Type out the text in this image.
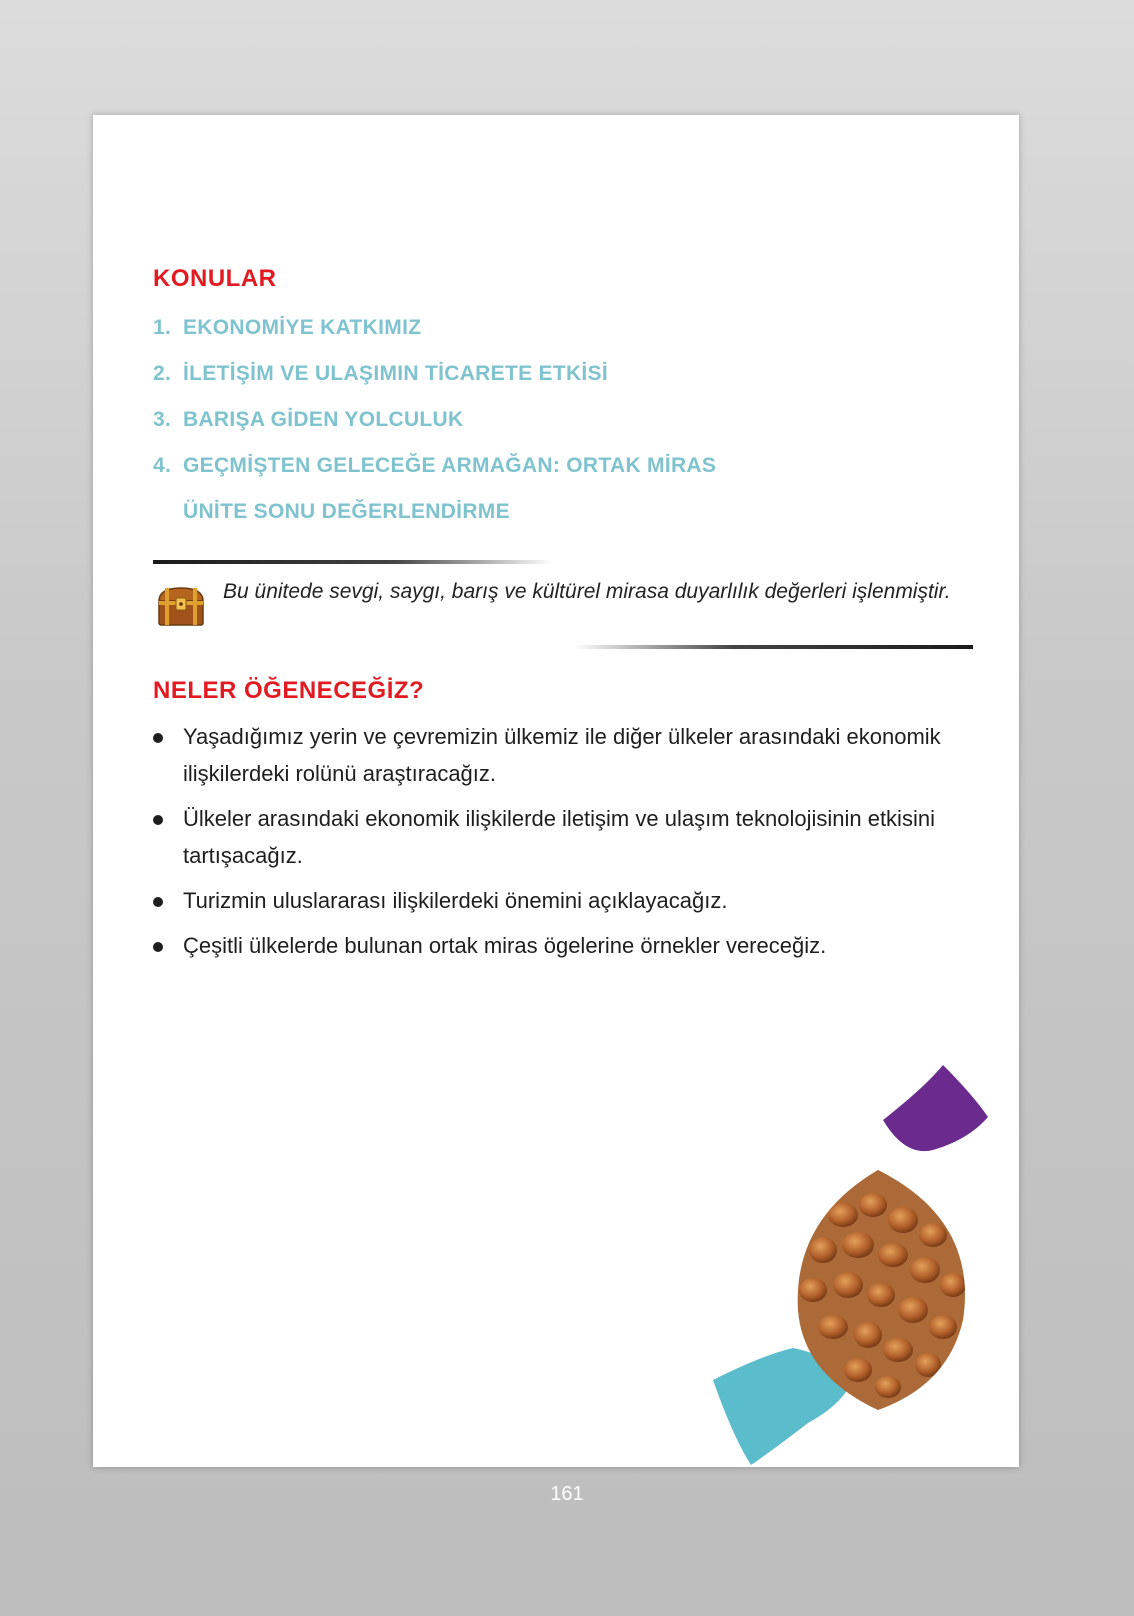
KONULAR
1. EKONOMİYE KATKIMIZ
2. İLETİŞİM VE ULAŞIMIN TİCARETE ETKİSİ
3. BARIŞA GİDEN YOLCULUK
4. GEÇMİŞTEN GELECEĞE ARMAĞAN: ORTAK MİRAS
ÜNİTE SONU DEĞERLENDİRME

Bu ünitede sevgi, saygı, barış ve kültürel mirasa duyarlılık değerleri işlenmiştir.

NELER ÖĞENECEĞİZ?
Yaşadığımız yerin ve çevremizin ülkemiz ile diğer ülkeler arasındaki ekonomik ilişkilerdeki rolünü araştıracağız.
Ülkeler arasındaki ekonomik ilişkilerde iletişim ve ulaşım teknolojisinin etkisini tartışacağız.
Turizmin uluslararası ilişkilerdeki önemini açıklayacağız.
Çeşitli ülkelerde bulunan ortak miras ögelerine örnekler vereceğiz.
161
